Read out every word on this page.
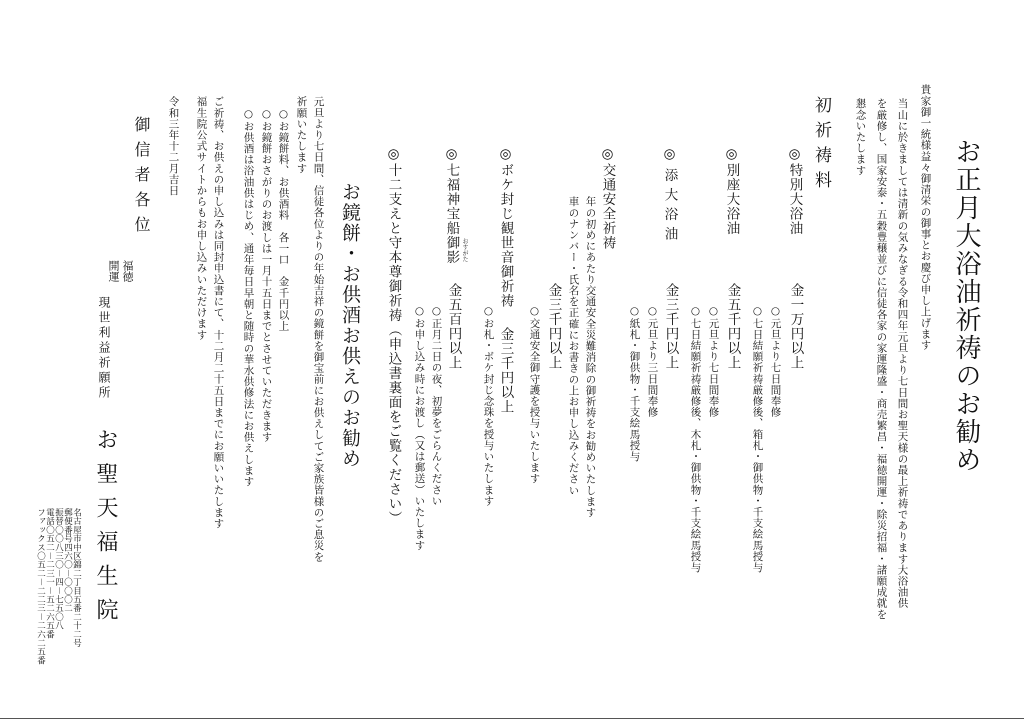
お正月大浴油祈祷のお勧め
貴家御一統様益々御清栄の御事とお慶び申し上げます
当山に於きましては清新の気みなぎる令和四年元旦より七日間お聖天様の最上祈祷であります大浴油供
を厳修し、国家安泰・五穀豊穣並びに信徒各家の家運隆盛・商売繁昌・福徳開運・除災招福・諸願成就を
懇念いたします
初祈祷料
◎特別大浴油
金一万円以上
○元旦より七日間奉修
○七日結願祈祷厳修後、箱札・御供物・千支絵馬授与
◎別座大浴油
金五千円以上
○元旦より七日間奉修
○七日結願祈祷厳修後、木札・御供物・千支絵馬授与
◎添大浴油
金三千円以上
○元旦より三日間奉修
○紙札・御供物・千支絵馬授与
◎交通安全祈祷
年の初めにあたり交通安全災難消除の御祈祷をお勧めいたします
車のナンバー・氏名を正確にお書きの上お申し込みください
金三千円以上
○交通安全御守護を授与いたします
◎ボケ封じ観世音御祈祷
金三千円以上
○お札・ボケ封じ念珠を授与いたします
◎七福神宝船御影 おすがた
金五百円以上
○正月二日の夜、初夢をごらんください
○お申し込み時にお渡し（又は郵送）いたします
◎十二支えと守本尊御祈祷（申込書裏面をご覧ください）
お鏡餅・お供酒お供えのお勧め
元旦より七日間、信徒各位よりの年始吉祥の鏡餅を御宝前にお供えしてご家族皆様のご息災を
祈願いたします
○お鏡餅料、お供酒料　各一口　金千円以上
○お鏡餅おさがりのお渡しは一月十五日までとさせていただきます
○お供酒は浴油供はじめ、通年毎日早朝と随時の華水供修法にお供えします
ご祈祷、お供えの申し込みは同封申込書にて、十二月二十五日までにお願いいたします
福生院公式サイトからもお申し込みいただけます
令和三年十二月吉日
御信者各位
福徳開運
現世利益祈願所
お聖天福生院
名古屋市中区錦二丁目五番二十二号
郵便番号四六〇－〇〇〇二
振替〇〇八三〇－四－七五〇八
電話〇五二－二三一－五二六五番
ファックス〇五二－二二三－二六二五番
